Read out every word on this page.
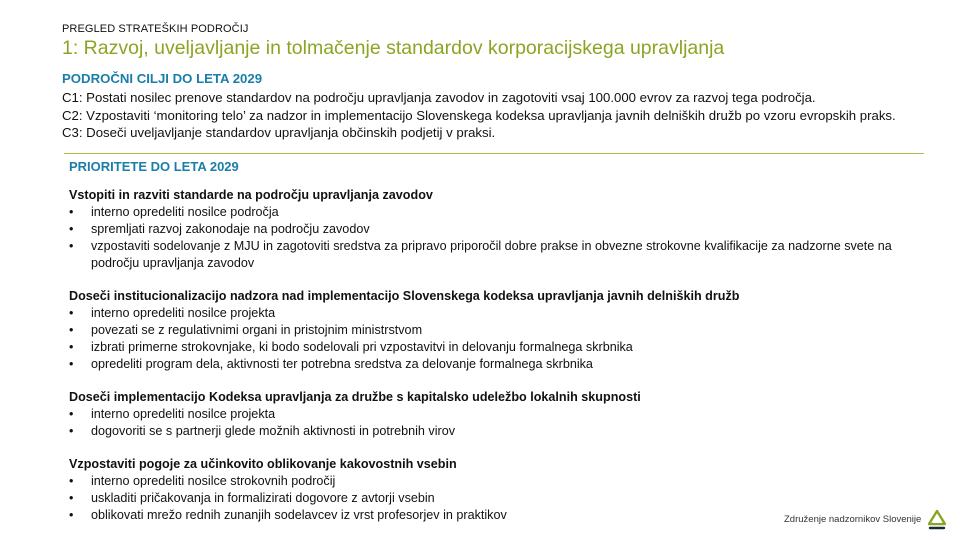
PREGLED STRATEŠKIH PODROČIJ
1: Razvoj, uveljavljanje in tolmačenje standardov korporacijskega upravljanja
PODROČNI CILJI DO LETA 2029
C1: Postati nosilec prenove standardov na področju upravljanja zavodov in zagotoviti vsaj 100.000 evrov za razvoj tega področja.
C2: Vzpostaviti ‘monitoring telo’ za nadzor in implementacijo Slovenskega kodeksa upravljanja javnih delniških družb po vzoru evropskih praks.
C3: Doseči uveljavljanje standardov upravljanja občinskih podjetij v praksi.
PRIORITETE DO LETA 2029
Vstopiti in razviti standarde na področju upravljanja zavodov
• interno opredeliti nosilce področja
• spremljati razvoj zakonodaje na področju zavodov
• vzpostaviti sodelovanje z MJU in zagotoviti sredstva za pripravo priporočil dobre prakse in obvezne strokovne kvalifikacije za nadzorne svete na področju upravljanja zavodov
Doseči institucionalizacijo nadzora nad implementacijo Slovenskega kodeksa upravljanja javnih delniških družb
• interno opredeliti nosilce projekta
• povezati se z regulativnimi organi in pristojnim ministrstvom
• izbrati primerne strokovnjake, ki bodo sodelovali pri vzpostavitvi in delovanju formalnega skrbnika
• opredeliti program dela, aktivnosti ter potrebna sredstva za delovanje formalnega skrbnika
Doseči implementacijo Kodeksa upravljanja za družbe s kapitalsko udeležbo lokalnih skupnosti
• interno opredeliti nosilce projekta
• dogovoriti se s partnerji glede možnih aktivnosti in potrebnih virov
Vzpostaviti pogoje za učinkovito oblikovanje kakovostnih vsebin
• interno opredeliti nosilce strokovnih področij
• uskladiti pričakovanja in formalizirati dogovore z avtorji vsebin
• oblikovati mrežo rednih zunanjih sodelavcev iz vrst profesorjev in praktikov	Združenje nadzornikov Slovenije
